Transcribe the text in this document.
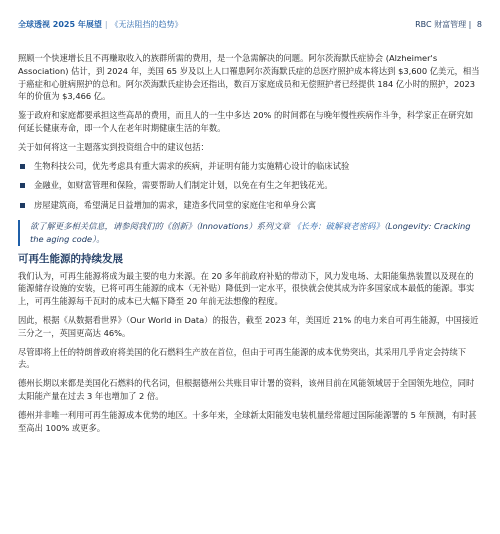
全球透视 2025 年展望 | 《无法阻挡的趋势》	RBC 财富管理 | 8

照顾一个快速增长且不再赚取收入的族群所需的费用，是一个急需解决的问题。阿尔茨海默氏症协会 (Alzheimer's Association) 估计，到 2024 年，美国 65 岁及以上人口罹患阿尔茨海默氏症的总医疗照护成本将达到 $3,600 亿美元，相当于癌症和心脏病照护的总和。阿尔茨海默氏症协会还指出，数百万家庭成员和无偿照护者已经提供 184 亿小时的照护，2023 年的价值为 $3,466 亿。

鉴于政府和家庭都要承担这些高昂的费用，而且人的一生中多达 20% 的时间都在与晚年慢性疾病作斗争，科学家正在研究如何延长健康寿命，即一个人在老年时期健康生活的年数。

关于如何将这一主题落实到投资组合中的建议包括：

生物科技公司，优先考虑具有重大需求的疾病，并证明有能力实施精心设计的临床试验
金融业，如财富管理和保险，需要帮助人们制定计划，以免在有生之年把钱花光。
房屋建筑商，希望满足日益增加的需求，建造多代同堂的家庭住宅和单身公寓
欲了解更多相关信息，请参阅我们的《创新》（Innovations）系列文章 《长寿：破解衰老密码》（Longevity: Cracking the aging code）。
可再生能源的持续发展

我们认为，可再生能源将成为最主要的电力来源。在 20 多年前政府补贴的带动下，风力发电场、太阳能集热装置以及现在的能源储存设施的安装，已将可再生能源的成本（无补贴）降低到一定水平，很快就会使其成为许多国家成本最低的能源。事实上，可再生能源每千瓦时的成本已大幅下降至 20 年前无法想像的程度。

因此，根据《从数据看世界》（Our World in Data）的报告，截至 2023 年，美国近 21% 的电力来自可再生能源，中国接近三分之一，英国更高达 46%。

尽管即将上任的特朗普政府将美国的化石燃料生产放在首位，但由于可再生能源的成本优势突出，其采用几乎肯定会持续下去。

德州长期以来都是美国化石燃料的代名词，但根据德州公共账目审计署的资料，该州目前在风能领域居于全国领先地位，同时太阳能产量在过去 3 年也增加了 2 倍。

德州并非唯一利用可再生能源成本优势的地区。十多年来，全球新太阳能发电装机量经常超过国际能源署的 5 年预测，有时甚至高出 100% 或更多。
